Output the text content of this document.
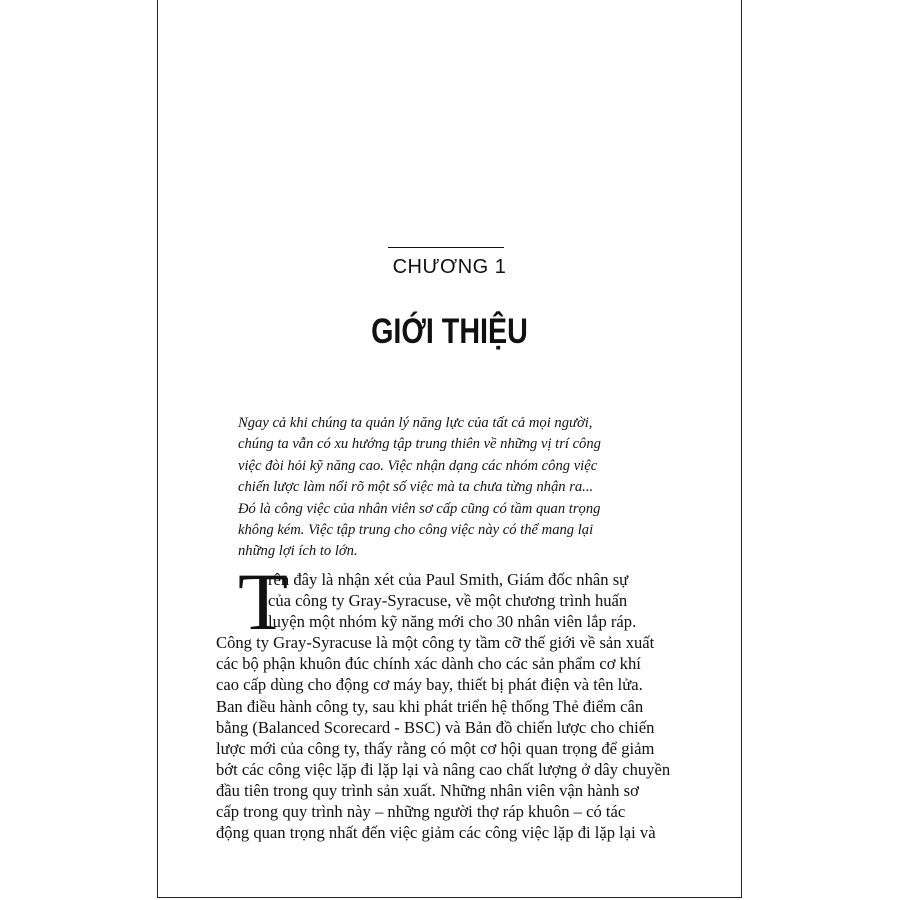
CHƯƠNG 1
GIỚI THIỆU
Ngay cả khi chúng ta quản lý năng lực của tất cả mọi người,
chúng ta vẫn có xu hướng tập trung thiên về những vị trí công
việc đòi hỏi kỹ năng cao. Việc nhận dạng các nhóm công việc
chiến lược làm nổi rõ một số việc mà ta chưa từng nhận ra...
Đó là công việc của nhân viên sơ cấp cũng có tầm quan trọng
không kém. Việc tập trung cho công việc này có thể mang lại
những lợi ích to lớn.
T
rên đây là nhận xét của Paul Smith, Giám đốc nhân sự
của công ty Gray-Syracuse, về một chương trình huấn
luyện một nhóm kỹ năng mới cho 30 nhân viên lắp ráp.
Công ty Gray-Syracuse là một công ty tầm cỡ thế giới về sản xuất
các bộ phận khuôn đúc chính xác dành cho các sản phẩm cơ khí
cao cấp dùng cho động cơ máy bay, thiết bị phát điện và tên lửa.
Ban điều hành công ty, sau khi phát triển hệ thống Thẻ điểm cân
bằng (Balanced Scorecard - BSC) và Bản đồ chiến lược cho chiến
lược mới của công ty, thấy rằng có một cơ hội quan trọng để giảm
bớt các công việc lặp đi lặp lại và nâng cao chất lượng ở dây chuyền
đầu tiên trong quy trình sản xuất. Những nhân viên vận hành sơ
cấp trong quy trình này – những người thợ ráp khuôn – có tác
động quan trọng nhất đến việc giảm các công việc lặp đi lặp lại và
